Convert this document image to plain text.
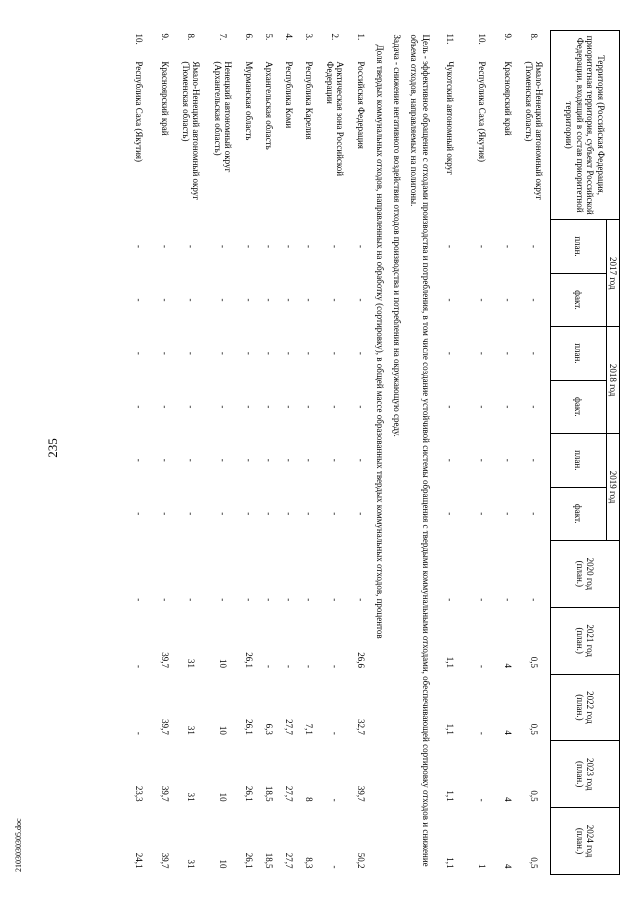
235
2103030305.doc
Территория (Российская Федерация, приоритетная территория, субъект Российской Федерации, входящий в состав приоритетной территории)		2017 год		2018 год		2019 год		2020 год (план.)	2021 год (план.)	2022 год (план.)	2023 год (план.)	2024 год (план.)
		план.	факт.	план.	факт.	план.	факт.					
8.	Ямало-Ненецкий автономный округ (Тюменская область)	-	-	-	-	-	-	-	0,5	0,5	0,5	0,5
9.	Красноярский край	-	-	-	-	-	-	-	4	4	4	4
10.	Республика Саха (Якутия)	-	-	-	-	-	-	-	-	-	-	1
11.	Чукотский автономный округ	-	-	-	-	-	-	-	1,1	1,1	1,1	1,1
Цель - эффективное обращение с отходами производства и потребления, в том числе создание устойчивой системы обращения с твердыми коммунальными отходами, обеспечивающей сортировку отходов и снижение объема отходов, направляемых на полигоны.												
Задача - снижение негативного воздействия отходов производства и потребления на окружающую среду.												
Доля твердых коммунальных отходов, направленных на обработку (сортировку), в общей массе образованных твердых коммунальных отходов, процентов												
1.	Российская Федерация	-	-	-	-	-	-	-	26,6	32,7	39,7	50,2
2.	Арктическая зона Российской Федерации	-	-	-	-	-	-	-	-	-	-	-
3.	Республика Карелия	-	-	-	-	-	-	-	-	7,1	8	8,3
4.	Республика Коми	-	-	-	-	-	-	-	-	27,7	27,7	27,7
5.	Архангельская область	-	-	-	-	-	-	-	-	6,3	18,5	18,5
6.	Мурманская область	-	-	-	-	-	-	-	26,1	26,1	26,1	26,1
7.	Ненецкий автономный округ (Архангельская область)	-	-	-	-	-	-	-	10	10	10	10
8.	Ямало-Ненецкий автономный округ (Тюменская область)	-	-	-	-	-	-	-	31	31	31	31
9.	Красноярский край	-	-	-	-	-	-	-	39,7	39,7	39,7	39,7
10.	Республика Саха (Якутия)	-	-	-	-	-	-	-	-	-	23,3	24,1
